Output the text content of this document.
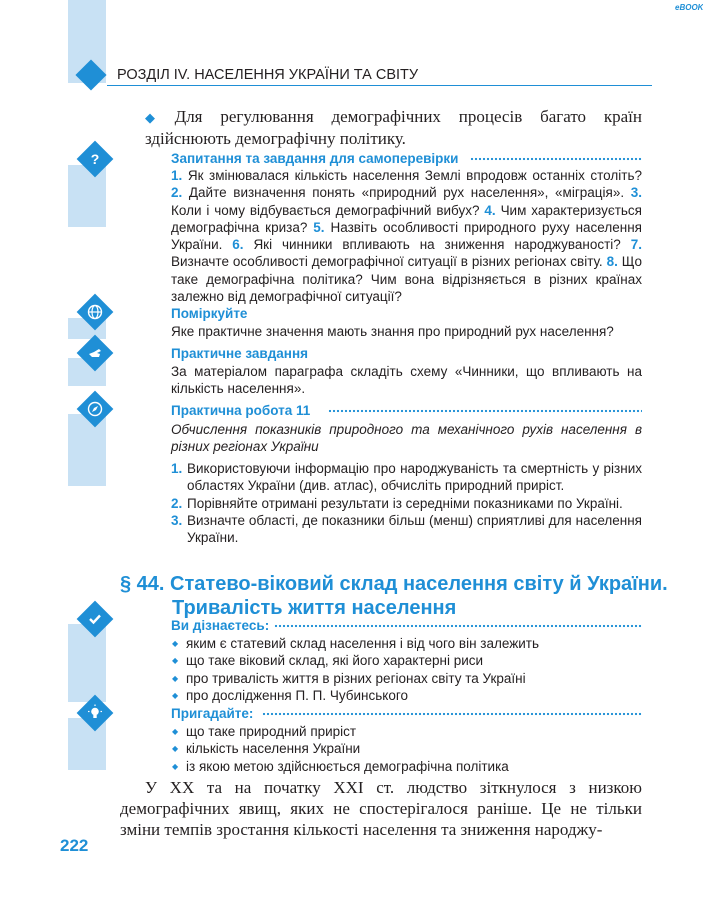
?
eBOOK
РОЗДІЛ IV. НАСЕЛЕННЯ УКРАЇНИ ТА СВІТУ
◆ Для регулювання демографічних процесів багато країн здійснюють демографічну політику.
Запитання та завдання для самоперевірки
1. Як змінювалася кількість населення Землі впродовж останніх століть? 2. Дайте визначення понять «природний рух населення», «міграція». 3. Коли і чому відбувається демографічний вибух? 4. Чим характеризується демографічна криза? 5. Назвіть особливості природного руху населення України. 6. Які чинники впливають на зниження народжуваності? 7. Визначте особливості демографічної ситуації в різних регіонах світу. 8. Що таке демографічна політика? Чим вона відрізняється в різних країнах залежно від демографічної ситуації?
Поміркуйте
Яке практичне значення мають знання про природний рух населення?
Практичне завдання
За матеріалом параграфа складіть схему «Чинники, що впливають на кількість населення».
Практична робота 11
Обчислення показників природного та механічного рухів населення в різних регіонах України
1. Використовуючи інформацію про народжуваність та смертність у різних областях України (див. атлас), обчисліть природний приріст.
2. Порівняйте отримані результати із середніми показниками по Україні.
3. Визначте області, де показники більш (менш) сприятливі для населення України.
§ 44. Статево-віковий склад населення світу й України.
Тривалість життя населення
Ви дізнаєтесь:
◆ яким є статевий склад населення і від чого він залежить
◆ що таке віковий склад, які його характерні риси
◆ про тривалість життя в різних регіонах світу та Україні
◆ про дослідження П. П. Чубинського
Пригадайте:
◆ що таке природний приріст
◆ кількість населення України
◆ із якою метою здійснюється демографічна політика
У XX та на початку XXI ст. людство зіткнулося з низкою демографічних явищ, яких не спостерігалося раніше. Це не тільки зміни темпів зростання кількості населення та зниження народжу-
222
